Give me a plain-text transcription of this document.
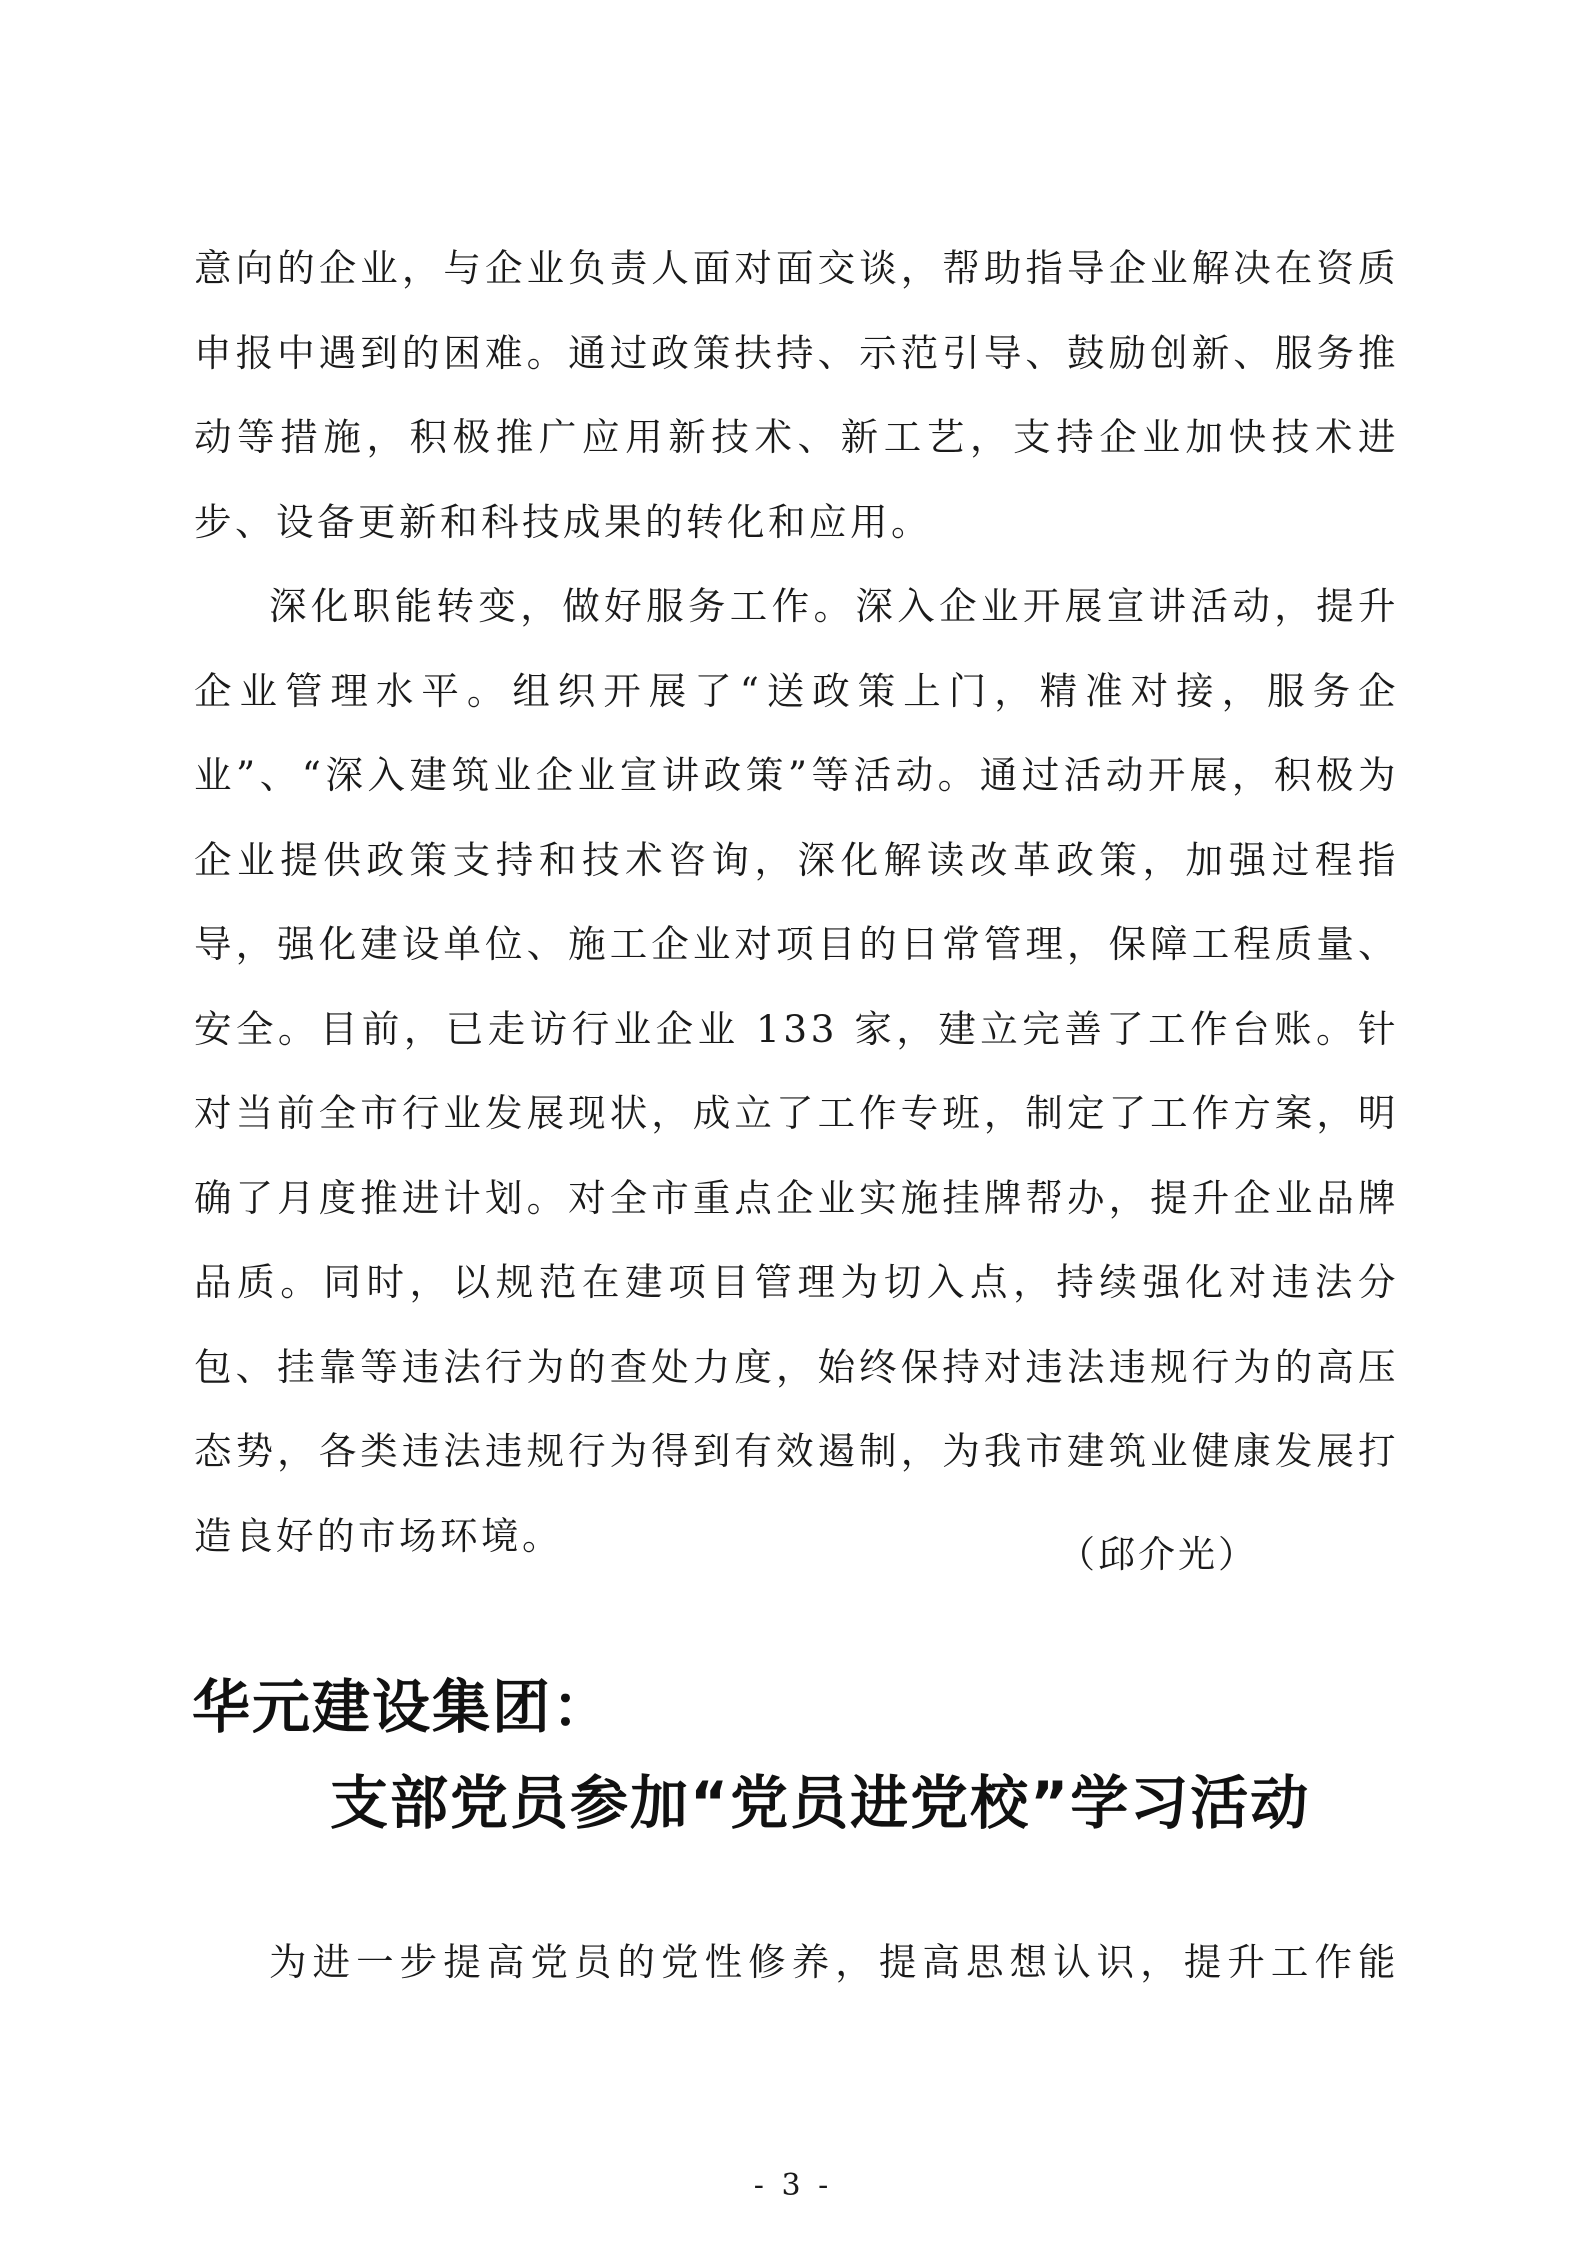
意向的企业，与企业负责人面对面交谈，帮助指导企业解决在资质申报中遇到的困难。通过政策扶持、示范引导、鼓励创新、服务推动等措施，积极推广应用新技术、新工艺，支持企业加快技术进步、设备更新和科技成果的转化和应用。

深化职能转变，做好服务工作。深入企业开展宣讲活动，提升企业管理水平。组织开展了“送政策上门，精准对接，服务企业”、“深入建筑业企业宣讲政策”等活动。通过活动开展，积极为企业提供政策支持和技术咨询，深化解读改革政策，加强过程指导，强化建设单位、施工企业对项目的日常管理，保障工程质量、安全。目前，已走访行业企业 133 家，建立完善了工作台账。针对当前全市行业发展现状，成立了工作专班，制定了工作方案，明确了月度推进计划。对全市重点企业实施挂牌帮办，提升企业品牌品质。同时，以规范在建项目管理为切入点，持续强化对违法分包、挂靠等违法行为的查处力度，始终保持对违法违规行为的高压态势，各类违法违规行为得到有效遏制，为我市建筑业健康发展打造良好的市场环境。	（邱介光）

华元建设集团：
支部党员参加“党员进党校”学习活动

为进一步提高党员的党性修养，提高思想认识，提升工作能

- 3 -
